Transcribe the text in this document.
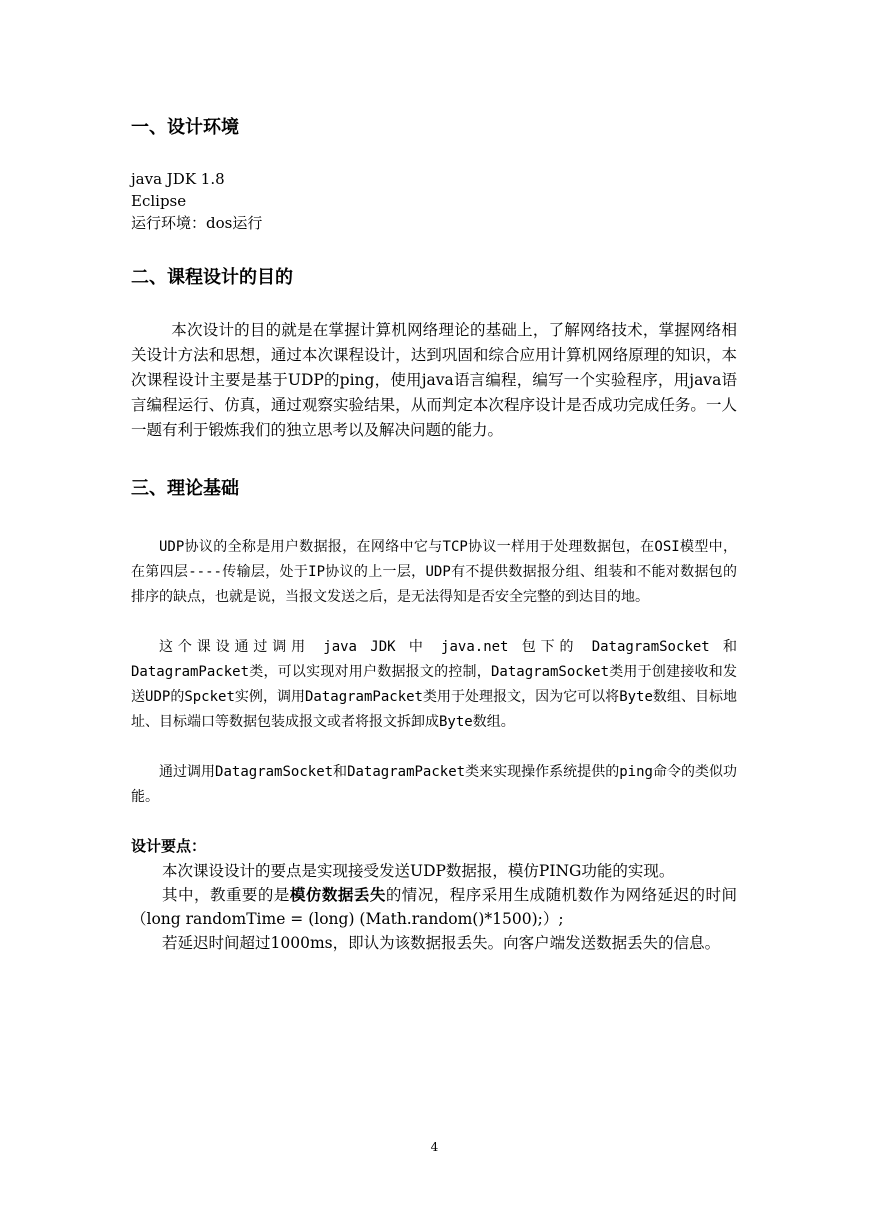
一、设计环境
java JDK 1.8
Eclipse
运行环境：dos运行
二、课程设计的目的

本次设计的目的就是在掌握计算机网络理论的基础上，了解网络技术，掌握网络相关设计方法和思想，通过本次课程设计，达到巩固和综合应用计算机网络原理的知识，本次课程设计主要是基于UDP的ping，使用java语言编程，编写一个实验程序，用java语言编程运行、仿真，通过观察实验结果，从而判定本次程序设计是否成功完成任务。一人一题有利于锻炼我们的独立思考以及解决问题的能力。

三、理论基础

UDP协议的全称是用户数据报，在网络中它与TCP协议一样用于处理数据包，在OSI模型中，在第四层----传输层，处于IP协议的上一层，UDP有不提供数据报分组、组装和不能对数据包的排序的缺点，也就是说，当报文发送之后，是无法得知是否安全完整的到达目的地。

这个课设通过调用 java JDK 中 java.net 包下的 DatagramSocket 和 DatagramPacket类，可以实现对用户数据报文的控制，DatagramSocket类用于创建接收和发送UDP的Spcket实例，调用DatagramPacket类用于处理报文，因为它可以将Byte数组、目标地址、目标端口等数据包装成报文或者将报文拆卸成Byte数组。

通过调用DatagramSocket和DatagramPacket类来实现操作系统提供的ping命令的类似功能。

设计要点：

本次课设设计的要点是实现接受发送UDP数据报，模仿PING功能的实现。

其中，教重要的是模仿数据丢失的情况，程序采用生成随机数作为网络延迟的时间（long randomTime = (long) (Math.random()*1500);）;

若延迟时间超过1000ms，即认为该数据报丢失。向客户端发送数据丢失的信息。

4
